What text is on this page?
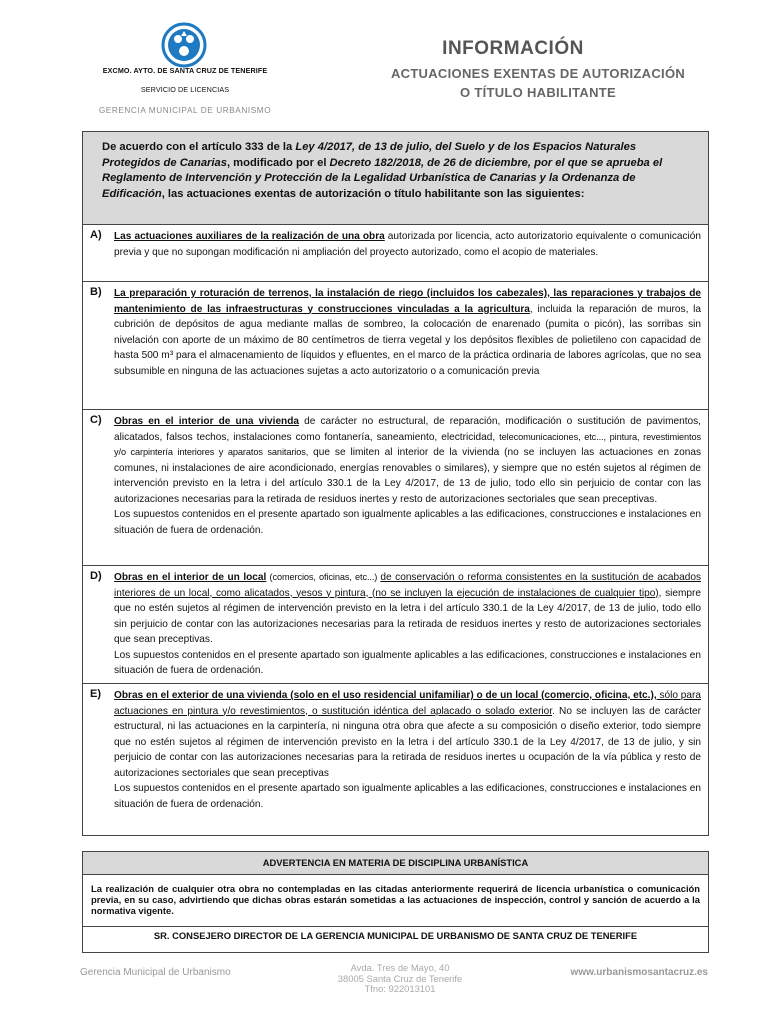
EXCMO. AYTO. DE SANTA CRUZ DE TENERIFE
SERVICIO DE LICENCIAS
GERENCIA MUNICIPAL DE URBANISMO
INFORMACIÓN
ACTUACIONES EXENTAS DE AUTORIZACIÓN
O TÍTULO HABILITANTE
De acuerdo con el artículo 333 de la Ley 4/2017, de 13 de julio, del Suelo y de los Espacios Naturales Protegidos de Canarias, modificado por el Decreto 182/2018, de 26 de diciembre, por el que se aprueba el Reglamento de Intervención y Protección de la Legalidad Urbanística de Canarias y la Ordenanza de Edificación, las actuaciones exentas de autorización o título habilitante son las siguientes:
A) Las actuaciones auxiliares de la realización de una obra autorizada por licencia, acto autorizatorio equivalente o comunicación previa y que no supongan modificación ni ampliación del proyecto autorizado, como el acopio de materiales.
B) La preparación y roturación de terrenos, la instalación de riego (incluidos los cabezales), las reparaciones y trabajos de mantenimiento de las infraestructuras y construcciones vinculadas a la agricultura, incluida la reparación de muros, la cubrición de depósitos de agua mediante mallas de sombreo, la colocación de enarenado (pumita o picón), las sorribas sin nivelación con aporte de un máximo de 80 centímetros de tierra vegetal y los depósitos flexibles de polietileno con capacidad de hasta 500 m³ para el almacenamiento de líquidos y efluentes, en el marco de la práctica ordinaria de labores agrícolas, que no sea subsumible en ninguna de las actuaciones sujetas a acto autorizatorio o a comunicación previa
C) Obras en el interior de una vivienda de carácter no estructural, de reparación, modificación o sustitución de pavimentos, alicatados, falsos techos, instalaciones como fontanería, saneamiento, electricidad, telecomunicaciones, etc..., pintura, revestimientos y/o carpintería interiores y aparatos sanitarios, que se limiten al interior de la vivienda (no se incluyen las actuaciones en zonas comunes, ni instalaciones de aire acondicionado, energías renovables o similares), y siempre que no estén sujetos al régimen de intervención previsto en la letra i del artículo 330.1 de la Ley 4/2017, de 13 de julio, todo ello sin perjuicio de contar con las autorizaciones necesarias para la retirada de residuos inertes y resto de autorizaciones sectoriales que sean preceptivas.

Los supuestos contenidos en el presente apartado son igualmente aplicables a las edificaciones, construcciones e instalaciones en situación de fuera de ordenación.

D) Obras en el interior de un local (comercios, oficinas, etc...) de conservación o reforma consistentes en la sustitución de acabados interiores de un local, como alicatados, yesos y pintura, (no se incluyen la ejecución de instalaciones de cualquier tipo), siempre que no estén sujetos al régimen de intervención previsto en la letra i del artículo 330.1 de la Ley 4/2017, de 13 de julio, todo ello sin perjuicio de contar con las autorizaciones necesarias para la retirada de residuos inertes y resto de autorizaciones sectoriales que sean preceptivas.

Los supuestos contenidos en el presente apartado son igualmente aplicables a las edificaciones, construcciones e instalaciones en situación de fuera de ordenación.

E) Obras en el exterior de una vivienda (solo en el uso residencial unifamiliar) o de un local (comercio, oficina, etc.), sólo para actuaciones en pintura y/o revestimientos, o sustitución idéntica del aplacado o solado exterior. No se incluyen las de carácter estructural, ni las actuaciones en la carpintería, ni ninguna otra obra que afecte a su composición o diseño exterior, todo siempre que no estén sujetos al régimen de intervención previsto en la letra i del artículo 330.1 de la Ley 4/2017, de 13 de julio, y sin perjuicio de contar con las autorizaciones necesarias para la retirada de residuos inertes u ocupación de la vía pública y resto de autorizaciones sectoriales que sean preceptivas

Los supuestos contenidos en el presente apartado son igualmente aplicables a las edificaciones, construcciones e instalaciones en situación de fuera de ordenación.

ADVERTENCIA EN MATERIA DE DISCIPLINA URBANÍSTICA
La realización de cualquier otra obra no contempladas en las citadas anteriormente requerirá de licencia urbanística o comunicación previa, en su caso, advirtiendo que dichas obras estarán sometidas a las actuaciones de inspección, control y sanción de acuerdo a la normativa vigente.
SR. CONSEJERO DIRECTOR DE LA GERENCIA MUNICIPAL DE URBANISMO DE SANTA CRUZ DE TENERIFE
Gerencia Municipal de Urbanismo	Avda. Tres de Mayo, 40
38005 Santa Cruz de Tenerife
Tfno: 922013101
www.urbanismosantacruz.es
